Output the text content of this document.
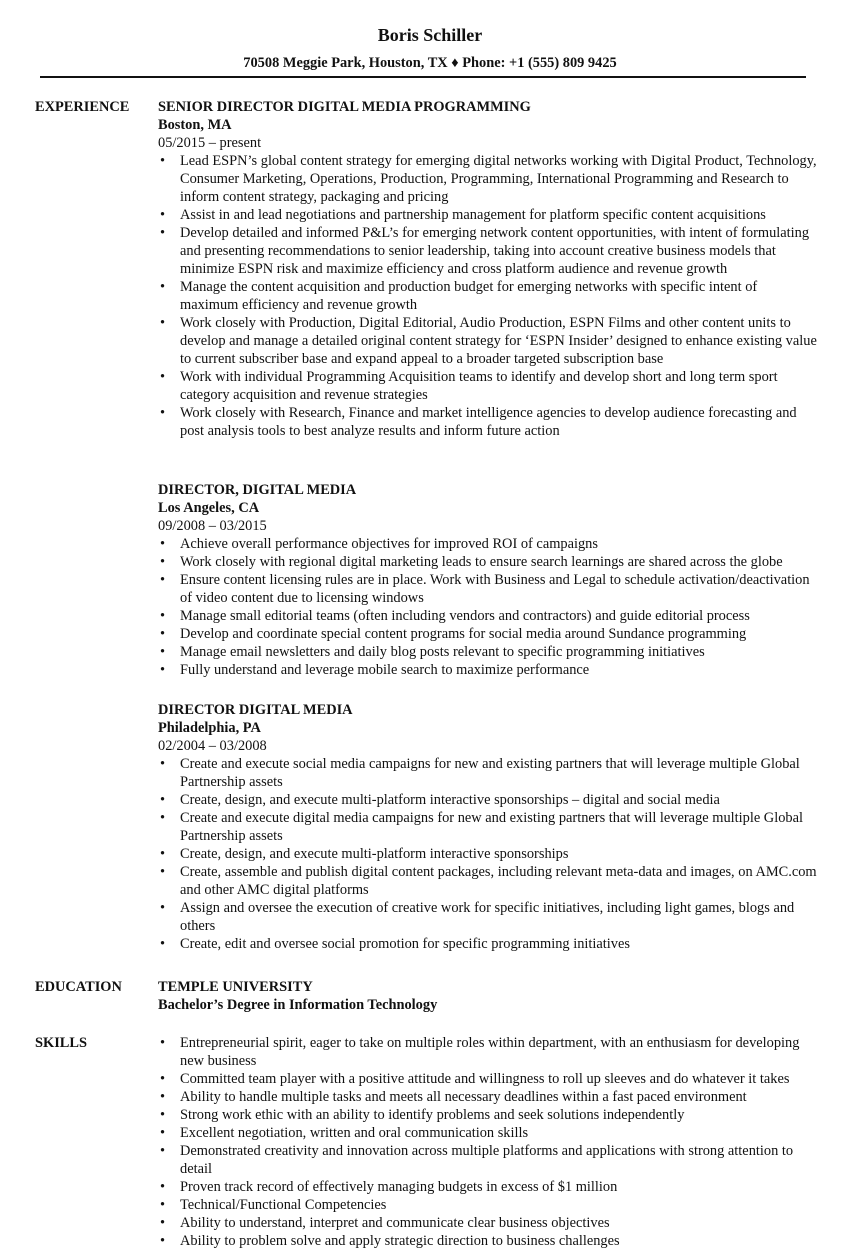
Boris Schiller
70508 Meggie Park, Houston, TX ♦ Phone: +1 (555) 809 9425
EXPERIENCE SENIOR DIRECTOR DIGITAL MEDIA PROGRAMMING
Boston, MA
05/2015 – present
• Lead ESPN’s global content strategy for emerging digital networks working with Digital Product, Technology, Consumer Marketing, Operations, Production, Programming, International Programming and Research to inform content strategy, packaging and pricing
• Assist in and lead negotiations and partnership management for platform specific content acquisitions
• Develop detailed and informed P&L’s for emerging network content opportunities, with intent of formulating and presenting recommendations to senior leadership, taking into account creative business models that minimize ESPN risk and maximize efficiency and cross platform audience and revenue growth
• Manage the content acquisition and production budget for emerging networks with specific intent of maximum efficiency and revenue growth
• Work closely with Production, Digital Editorial, Audio Production, ESPN Films and other content units to develop and manage a detailed original content strategy for ‘ESPN Insider’ designed to enhance existing value to current subscriber base and expand appeal to a broader targeted subscription base
• Work with individual Programming Acquisition teams to identify and develop short and long term sport category acquisition and revenue strategies
• Work closely with Research, Finance and market intelligence agencies to develop audience forecasting and post analysis tools to best analyze results and inform future action
DIRECTOR, DIGITAL MEDIA
Los Angeles, CA
09/2008 – 03/2015
• Achieve overall performance objectives for improved ROI of campaigns
• Work closely with regional digital marketing leads to ensure search learnings are shared across the globe
• Ensure content licensing rules are in place. Work with Business and Legal to schedule activation/deactivation of video content due to licensing windows
• Manage small editorial teams (often including vendors and contractors) and guide editorial process
• Develop and coordinate special content programs for social media around Sundance programming
• Manage email newsletters and daily blog posts relevant to specific programming initiatives
• Fully understand and leverage mobile search to maximize performance
DIRECTOR DIGITAL MEDIA
Philadelphia, PA
02/2004 – 03/2008
• Create and execute social media campaigns for new and existing partners that will leverage multiple Global Partnership assets
• Create, design, and execute multi-platform interactive sponsorships – digital and social media
• Create and execute digital media campaigns for new and existing partners that will leverage multiple Global Partnership assets
• Create, design, and execute multi-platform interactive sponsorships
• Create, assemble and publish digital content packages, including relevant meta-data and images, on AMC.com and other AMC digital platforms
• Assign and oversee the execution of creative work for specific initiatives, including light games, blogs and others
• Create, edit and oversee social promotion for specific programming initiatives
EDUCATION	TEMPLE UNIVERSITY
Bachelor’s Degree in Information Technology
SKILLS
•	Entrepreneurial spirit, eager to take on multiple roles within department, with an enthusiasm for developing new business
• Committed team player with a positive attitude and willingness to roll up sleeves and do whatever it takes
• Ability to handle multiple tasks and meets all necessary deadlines within a fast paced environment
• Strong work ethic with an ability to identify problems and seek solutions independently
• Excellent negotiation, written and oral communication skills
• Demonstrated creativity and innovation across multiple platforms and applications with strong attention to detail
• Proven track record of effectively managing budgets in excess of $1 million
• Technical/Functional Competencies
• Ability to understand, interpret and communicate clear business objectives
• Ability to problem solve and apply strategic direction to business challenges
